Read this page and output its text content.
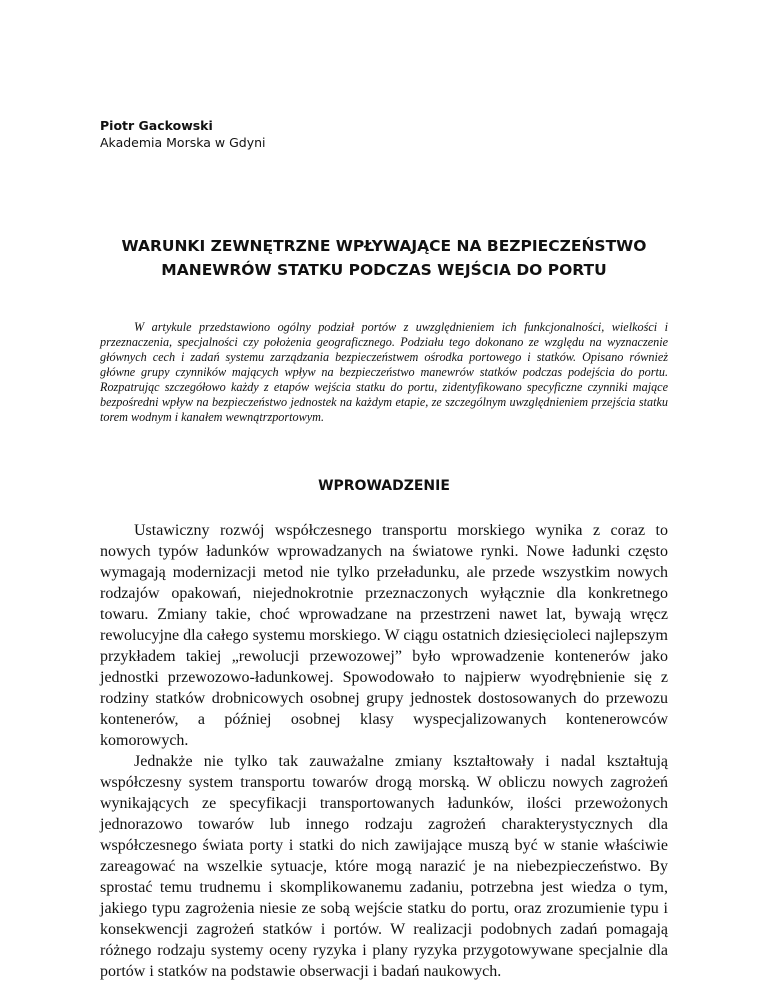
Piotr Gackowski
Akademia Morska w Gdyni
WARUNKI ZEWNĘTRZNE WPŁYWAJĄCE NA BEZPIECZEŃSTWO
MANEWRÓW STATKU PODCZAS WEJŚCIA DO PORTU

W artykule przedstawiono ogólny podział portów z uwzględnieniem ich funkcjonalności, wielkości i przeznaczenia, specjalności czy położenia geograficznego. Podziału tego dokonano ze względu na wyznaczenie głównych cech i zadań systemu zarządzania bezpieczeństwem ośrodka portowego i statków. Opisano również główne grupy czynników mających wpływ na bezpieczeństwo manewrów statków podczas podejścia do portu. Rozpatrując szczegółowo każdy z etapów wejścia statku do portu, zidentyfikowano specyficzne czynniki mające bezpośredni wpływ na bezpieczeństwo jednostek na każdym etapie, ze szczególnym uwzględnieniem przejścia statku torem wodnym i kanałem wewnątrzportowym.

WPROWADZENIE

Ustawiczny rozwój współczesnego transportu morskiego wynika z coraz to nowych typów ładunków wprowadzanych na światowe rynki. Nowe ładunki często wymagają modernizacji metod nie tylko przeładunku, ale przede wszystkim nowych rodzajów opakowań, niejednokrotnie przeznaczonych wyłącznie dla konkretnego towaru. Zmiany takie, choć wprowadzane na przestrzeni nawet lat, bywają wręcz rewolucyjne dla całego systemu morskiego. W ciągu ostatnich dziesięcioleci najlepszym przykładem takiej „rewolucji przewozowej” było wprowadzenie kontenerów jako jednostki przewozowo-ładunkowej. Spowodowało to najpierw wyodrębnienie się z rodziny statków drobnicowych osobnej grupy jednostek dostosowanych do przewozu kontenerów, a później osobnej klasy wyspecjalizowanych kontenerowców komorowych.

Jednakże nie tylko tak zauważalne zmiany kształtowały i nadal kształtują współczesny system transportu towarów drogą morską. W obliczu nowych zagrożeń wynikających ze specyfikacji transportowanych ładunków, ilości przewożonych jednorazowo towarów lub innego rodzaju zagrożeń charakterystycznych dla współczesnego świata porty i statki do nich zawijające muszą być w stanie właściwie zareagować na wszelkie sytuacje, które mogą narazić je na niebezpieczeństwo. By sprostać temu trudnemu i skomplikowanemu zadaniu, potrzebna jest wiedza o tym, jakiego typu zagrożenia niesie ze sobą wejście statku do portu, oraz zrozumienie typu i konsekwencji zagrożeń statków i portów. W realizacji podobnych zadań pomagają różnego rodzaju systemy oceny ryzyka i plany ryzyka przygotowywane specjalnie dla portów i statków na podstawie obserwacji i badań naukowych.
